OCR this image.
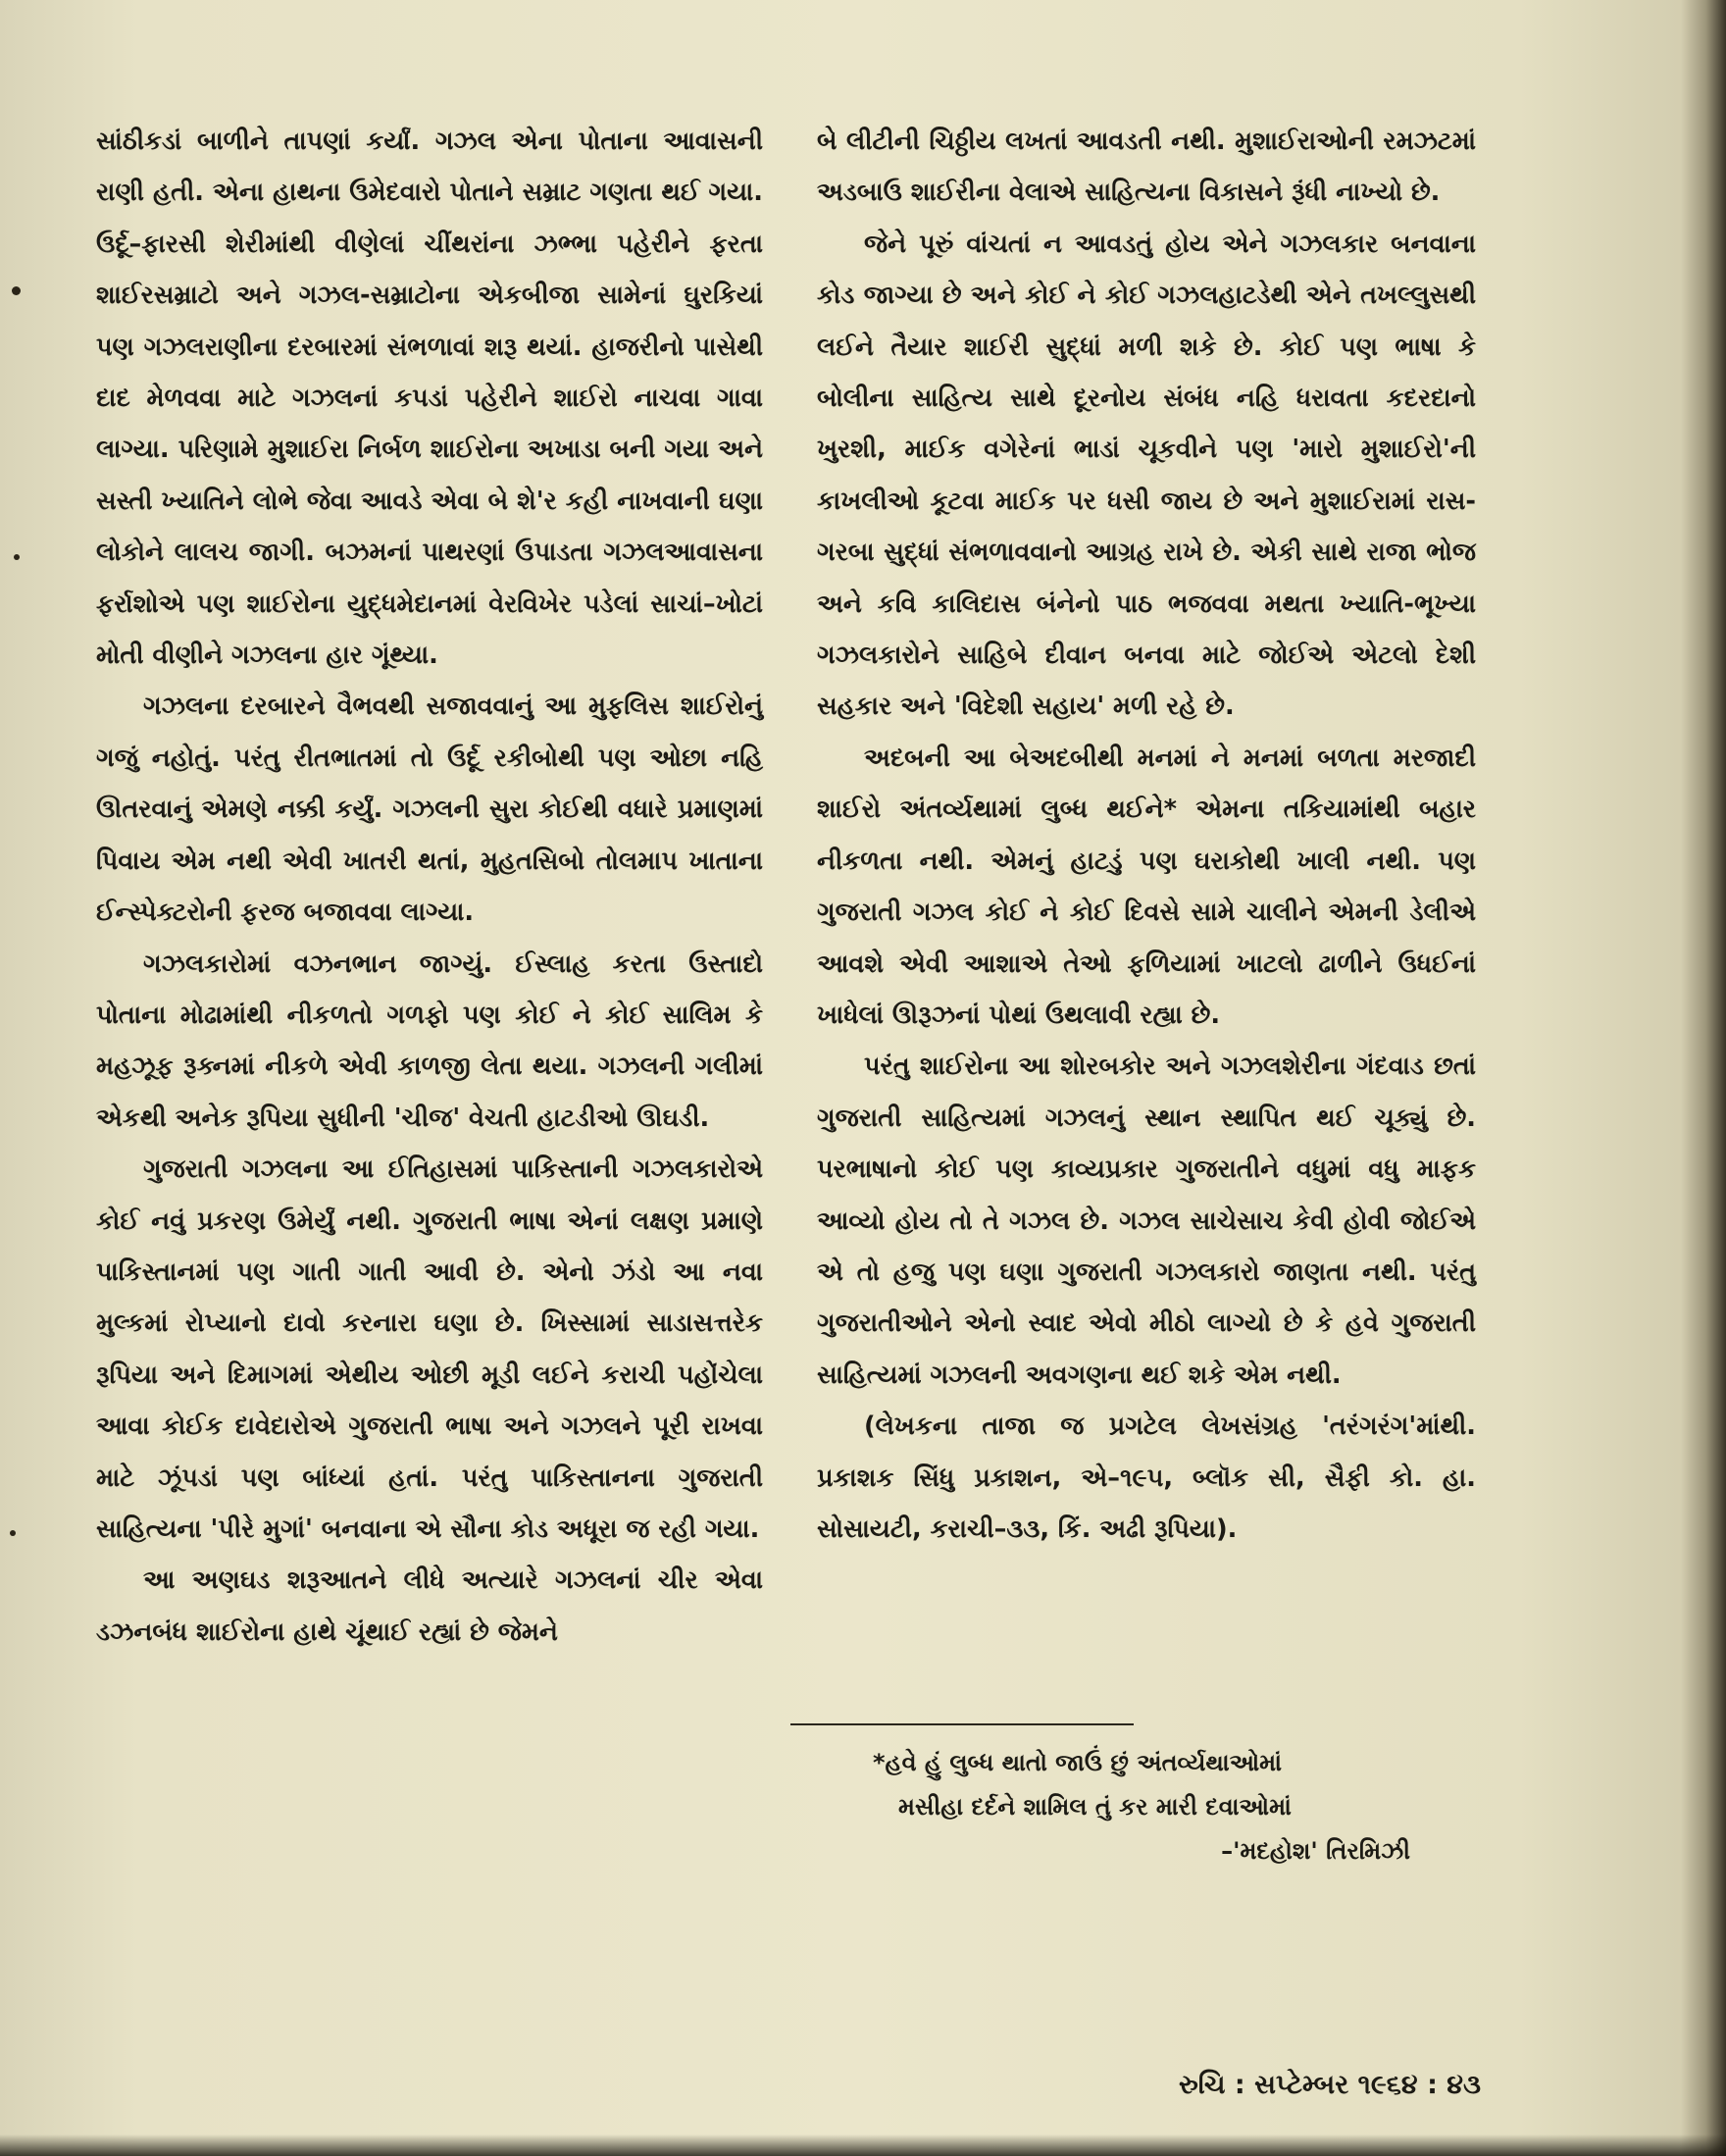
સાંઠીકડાં બાળીને તાપણાં કર્યાં. ગઝલ એના પોતાના આવાસની રાણી હતી. એના હાથના ઉમેદવારો પોતાને સમ્રાટ ગણતા થઈ ગયા. ઉર્દૂ–ફારસી શેરીમાંથી વીણેલાં ચીંથરાંના ઝભ્ભા પહેરીને ફરતા શાઈરસમ્રાટો અને ગઝલ-સમ્રાટોના એકબીજા સામેનાં ઘુરકિયાં પણ ગઝલરાણીના દરબારમાં સંભળાવાં શરૂ થયાં. હાજરીનો પાસેથી દાદ મેળવવા માટે ગઝલનાં કપડાં પહેરીને શાઈરો નાચવા ગાવા લાગ્યા. પરિણામે મુશાઈરા નિર્બળ શાઈરોના અખાડા બની ગયા અને સસ્તી ખ્યાતિને લોભે જેવા આવડે એવા બે શે'ર કહી નાખવાની ઘણા લોકોને લાલચ જાગી. બઝમનાં પાથરણાં ઉપાડતા ગઝલઆવાસના ફર્રાશોએ પણ શાઈરોના યુદ્ધમેદાનમાં વેરવિખેર પડેલાં સાચાં–ખોટાં મોતી વીણીને ગઝલના હાર ગૂંથ્યા.

ગઝલના દરબારને વૈભવથી સજાવવાનું આ મુફલિસ શાઈરોનું ગજું નહોતું. પરંતુ રીતભાતમાં તો ઉર્દૂ રકીબોથી પણ ઓછા નહિ ઊતરવાનું એમણે નક્કી કર્યું. ગઝલની સુરા કોઈથી વધારે પ્રમાણમાં પિવાય એમ નથી એવી ખાતરી થતાં, મુહતસિબો તોલમાપ ખાતાના ઈન્સ્પેક્ટરોની ફરજ બજાવવા લાગ્યા.

ગઝલકારોમાં વઝનભાન જાગ્યું. ઈસ્લાહ કરતા ઉસ્તાદો પોતાના મોઢામાંથી નીકળતો ગળફો પણ કોઈ ને કોઈ સાલિમ કે મહઝૂફ રૂક્નમાં નીકળે એવી કાળજી લેતા થયા. ગઝલની ગલીમાં એકથી અનેક રૂપિયા સુધીની 'ચીજ' વેચતી હાટડીઓ ઊઘડી.

ગુજરાતી ગઝલના આ ઈતિહાસમાં પાકિસ્તાની ગઝલકારોએ કોઈ નવું પ્રકરણ ઉમેર્યું નથી. ગુજરાતી ભાષા એનાં લક્ષણ પ્રમાણે પાકિસ્તાનમાં પણ ગાતી ગાતી આવી છે. એનો ઝંડો આ નવા મુલ્કમાં રોપ્યાનો દાવો કરનારા ઘણા છે. ખિસ્સામાં સાડાસત્તરેક રૂપિયા અને દિમાગમાં એથીય ઓછી મૂડી લઈને કરાચી પહોંચેલા આવા કોઈક દાવેદારોએ ગુજરાતી ભાષા અને ગઝલને પૂરી રાખવા માટે ઝૂંપડાં પણ બાંધ્યાં હતાં. પરંતુ પાકિસ્તાનના ગુજરાતી સાહિત્યના 'પીરે મુગાં' બનવાના એ સૌના કોડ અધૂરા જ રહી ગયા.

આ અણઘડ શરૂઆતને લીધે અત્યારે ગઝલનાં ચીર એવા ડઝનબંધ શાઈરોના હાથે ચૂંથાઈ રહ્યાં છે જેમને

બે લીટીની ચિઠ્ઠીય લખતાં આવડતી નથી. મુશાઈરાઓની રમઝટમાં અડબાઉ શાઈરીના વેલાએ સાહિત્યના વિકાસને રૂંધી નાખ્યો છે.

જેને પૂરું વાંચતાં ન આવડતું હોય એને ગઝલકાર બનવાના કોડ જાગ્યા છે અને કોઈ ને કોઈ ગઝલહાટડેથી એને તખલ્લુસથી લઈને તૈયાર શાઈરી સુદ્ધાં મળી શકે છે. કોઈ પણ ભાષા કે બોલીના સાહિત્ય સાથે દૂરનોય સંબંધ નહિ ધરાવતા કદરદાનો ખુરશી, માઈક વગેરેનાં ભાડાં ચૂકવીને પણ 'મારો મુશાઈરો'ની કાખલીઓ કૂટવા માઈક પર ધસી જાય છે અને મુશાઈરામાં રાસ-ગરબા સુદ્ધાં સંભળાવવાનો આગ્રહ રાખે છે. એકી સાથે રાજા ભોજ અને કવિ કાલિદાસ બંનેનો પાઠ ભજવવા મથતા ખ્યાતિ-ભૂખ્યા ગઝલકારોને સાહિબે દીવાન બનવા માટે જોઈએ એટલો દેશી સહકાર અને 'વિદેશી સહાય' મળી રહે છે.

અદબની આ બેઅદબીથી મનમાં ને મનમાં બળતા મરજાદી શાઈરો અંતર્વ્યથામાં લુબ્ધ થઈને* એમના તકિયામાંથી બહાર નીકળતા નથી. એમનું હાટડું પણ ઘરાકોથી ખાલી નથી. પણ ગુજરાતી ગઝલ કોઈ ને કોઈ દિવસે સામે ચાલીને એમની ડેલીએ આવશે એવી આશાએ તેઓ ફળિયામાં ખાટલો ઢાળીને ઉધઈનાં ખાધેલાં ઊરૂઝનાં પોથાં ઉથલાવી રહ્યા છે.

પરંતુ શાઈરોના આ શોરબકોર અને ગઝલશેરીના ગંદવાડ છતાં ગુજરાતી સાહિત્યમાં ગઝલનું સ્થાન સ્થાપિત થઈ ચૂક્યું છે. પરભાષાનો કોઈ પણ કાવ્યપ્રકાર ગુજરાતીને વધુમાં વધુ માફક આવ્યો હોય તો તે ગઝલ છે. ગઝલ સાચેસાચ કેવી હોવી જોઈએ એ તો હજુ પણ ઘણા ગુજરાતી ગઝલકારો જાણતા નથી. પરંતુ ગુજરાતીઓને એનો સ્વાદ એવો મીઠો લાગ્યો છે કે હવે ગુજરાતી સાહિત્યમાં ગઝલની અવગણના થઈ શકે એમ નથી.

(લેખકના તાજા જ પ્રગટેલ લેખસંગ્રહ 'તરંગરંગ'માંથી. પ્રકાશક સિંધુ પ્રકાશન, એ–૧૯૫, બ્લૉક સી, સૈફી કો. હા. સોસાયટી, કરાચી–૩૩, કિં. અઢી રૂપિયા).

*હવે હું લુબ્ધ થાતો જાઉં છું અંતર્વ્યથાઓમાં
મસીહા દર્દને શામિલ તું કર મારી દવાઓમાં
–'મદહોશ' તિરમિઝી
રુચિ : સપ્ટેમ્બર ૧૯૬૪ : ૪૩
